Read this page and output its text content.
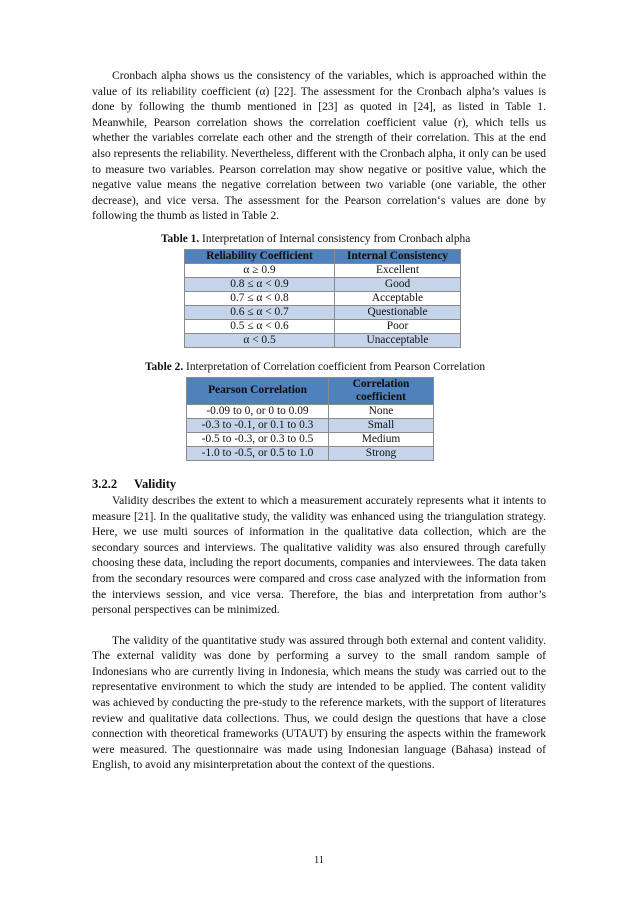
Cronbach alpha shows us the consistency of the variables, which is approached within the value of its reliability coefficient (α) [22]. The assessment for the Cronbach alpha’s values is done by following the thumb mentioned in [23] as quoted in [24], as listed in Table 1. Meanwhile, Pearson correlation shows the correlation coefficient value (r), which tells us whether the variables correlate each other and the strength of their correlation. This at the end also represents the reliability. Nevertheless, different with the Cronbach alpha, it only can be used to measure two variables. Pearson correlation may show negative or positive value, which the negative value means the negative correlation between two variable (one variable, the other decrease), and vice versa. The assessment for the Pearson correlation‘s values are done by following the thumb as listed in Table 2.

Table 1. Interpretation of Internal consistency from Cronbach alpha
Reliability Coefficient	Internal Consistency
α ≥ 0.9	Excellent
0.8 ≤ α < 0.9	Good
0.7 ≤ α < 0.8	Acceptable
0.6 ≤ α < 0.7	Questionable
0.5 ≤ α < 0.6	Poor
α < 0.5	Unacceptable
Table 2. Interpretation of Correlation coefficient from Pearson Correlation
Pearson Correlation	Correlation coefficient
-0.09 to 0, or 0 to 0.09	None
-0.3 to -0.1, or 0.1 to 0.3	Small
-0.5 to -0.3, or 0.3 to 0.5	Medium
-1.0 to -0.5, or 0.5 to 1.0	Strong
3.2.2 Validity

Validity describes the extent to which a measurement accurately represents what it intents to measure [21]. In the qualitative study, the validity was enhanced using the triangulation strategy. Here, we use multi sources of information in the qualitative data collection, which are the secondary sources and interviews. The qualitative validity was also ensured through carefully choosing these data, including the report documents, companies and interviewees. The data taken from the secondary resources were compared and cross case analyzed with the information from the interviews session, and vice versa. Therefore, the bias and interpretation from author’s personal perspectives can be minimized.

The validity of the quantitative study was assured through both external and content validity. The external validity was done by performing a survey to the small random sample of Indonesians who are currently living in Indonesia, which means the study was carried out to the representative environment to which the study are intended to be applied. The content validity was achieved by conducting the pre-study to the reference markets, with the support of literatures review and qualitative data collections. Thus, we could design the questions that have a close connection with theoretical frameworks (UTAUT) by ensuring the aspects within the framework were measured. The questionnaire was made using Indonesian language (Bahasa) instead of English, to avoid any misinterpretation about the context of the questions.

11
